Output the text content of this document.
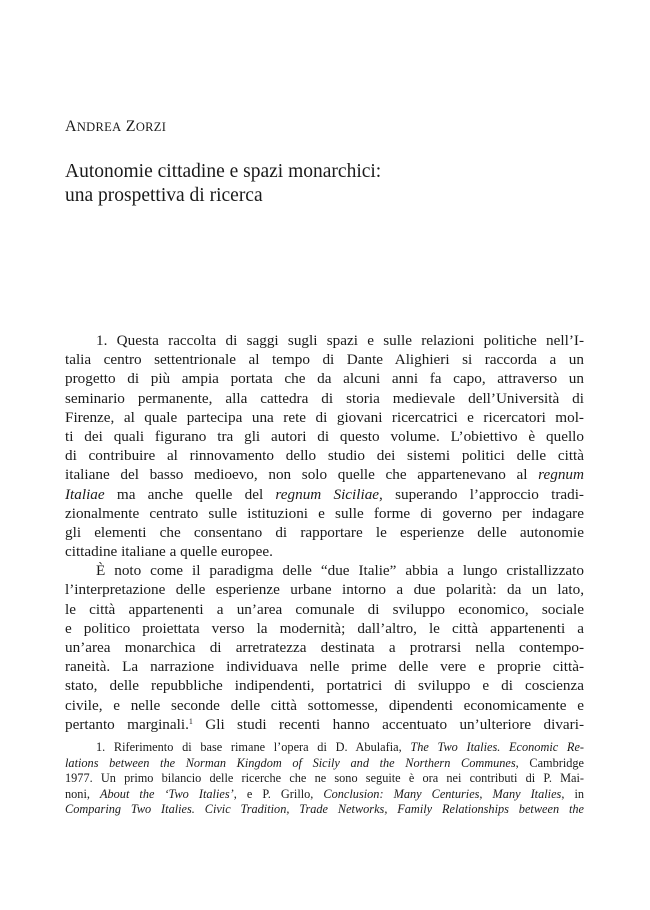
ANDREA ZORZI
Autonomie cittadine e spazi monarchici:
una prospettiva di ricerca
1. Questa raccolta di saggi sugli spazi e sulle relazioni politiche nell’I-
talia centro settentrionale al tempo di Dante Alighieri si raccorda a un
progetto di più ampia portata che da alcuni anni fa capo, attraverso un
seminario permanente, alla cattedra di storia medievale dell’Università di
Firenze, al quale partecipa una rete di giovani ricercatrici e ricercatori mol-
ti dei quali figurano tra gli autori di questo volume. L’obiettivo è quello
di contribuire al rinnovamento dello studio dei sistemi politici delle città
italiane del basso medioevo, non solo quelle che appartenevano al regnum
Italiae ma anche quelle del regnum Siciliae, superando l’approccio tradi-
zionalmente centrato sulle istituzioni e sulle forme di governo per indagare
gli elementi che consentano di rapportare le esperienze delle autonomie
cittadine italiane a quelle europee.
È noto come il paradigma delle “due Italie” abbia a lungo cristallizzato
l’interpretazione delle esperienze urbane intorno a due polarità: da un lato,
le città appartenenti a un’area comunale di sviluppo economico, sociale
e politico proiettata verso la modernità; dall’altro, le città appartenenti a
un’area monarchica di arretratezza destinata a protrarsi nella contempo-
raneità. La narrazione individuava nelle prime delle vere e proprie città-
stato, delle repubbliche indipendenti, portatrici di sviluppo e di coscienza
civile, e nelle seconde delle città sottomesse, dipendenti economicamente e
pertanto marginali.$^1$ Gli studi recenti hanno accentuato un’ulteriore divari-
1. Riferimento di base rimane l’opera di D. Abulafia, The Two Italies. Economic Re-
lations between the Norman Kingdom of Sicily and the Northern Communes, Cambridge
1977. Un primo bilancio delle ricerche che ne sono seguite è ora nei contributi di P. Mai-
noni, About the ‘Two Italies’, e P. Grillo, Conclusion: Many Centuries, Many Italies, in
Comparing Two Italies. Civic Tradition, Trade Networks, Family Relationships between the
